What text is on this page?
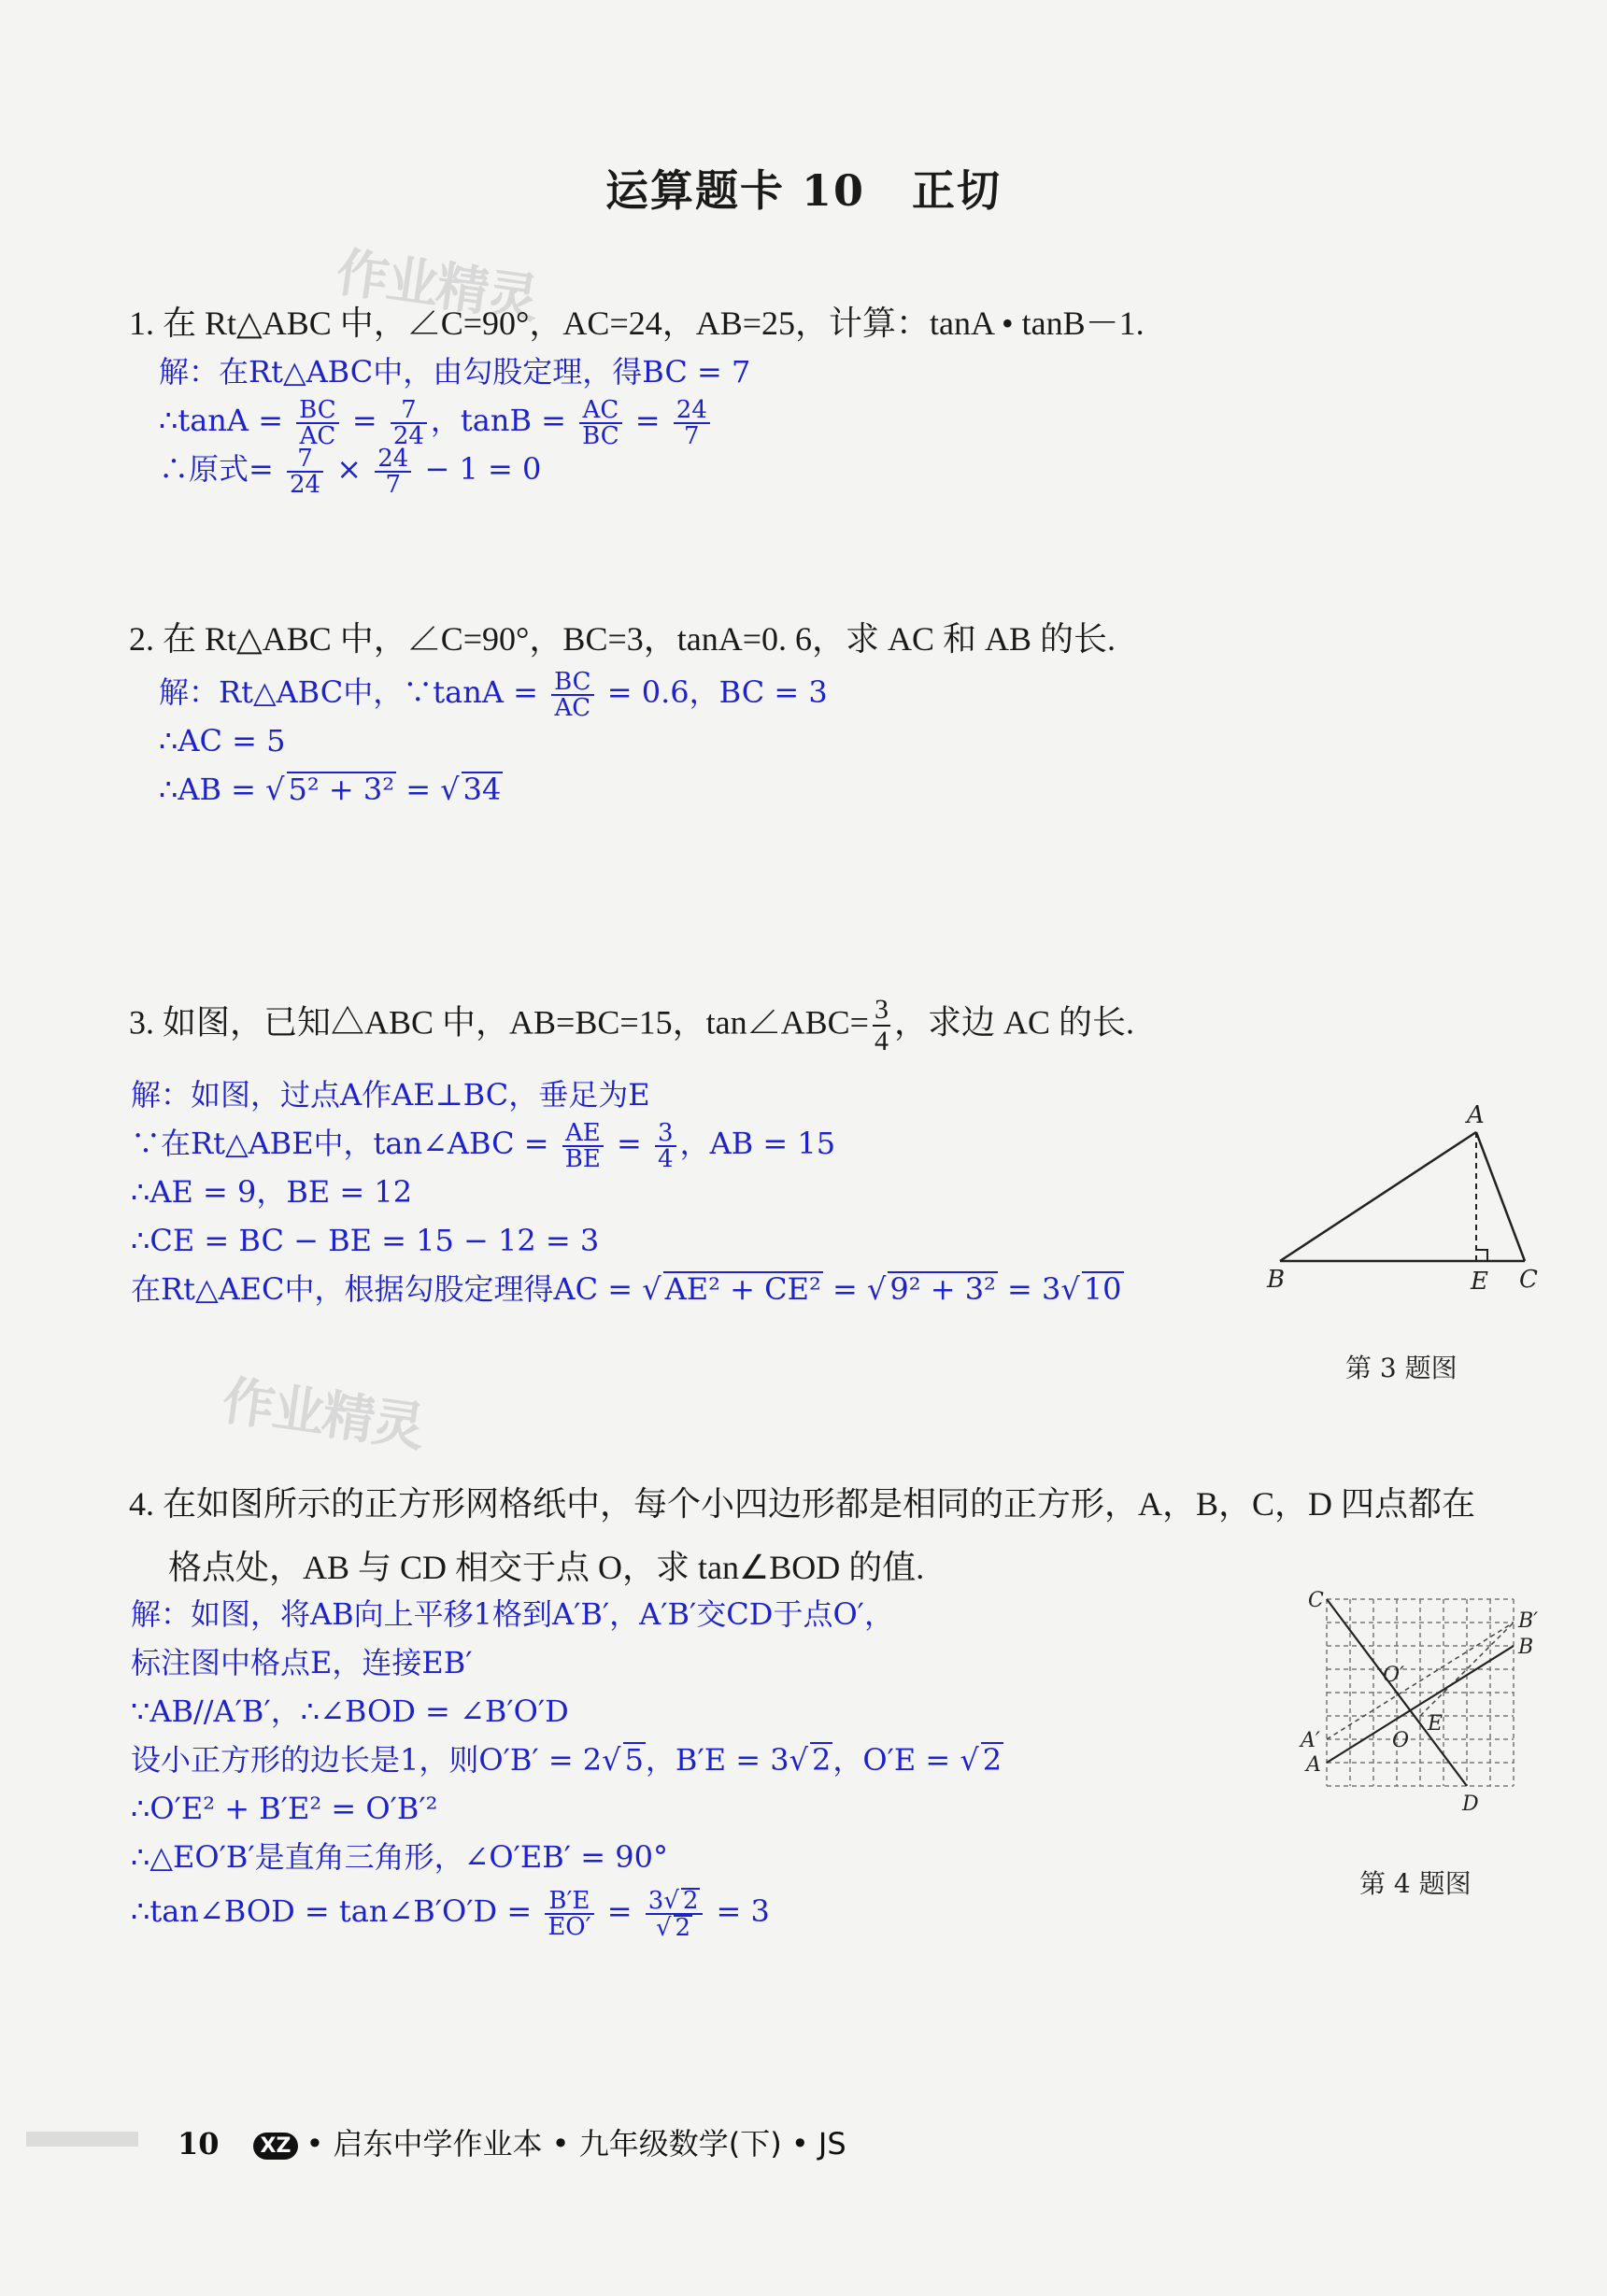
运算题卡 10 正切
作业精灵
作业精灵
1. 在 Rt△ABC 中，∠C=90°，AC=24，AB=25，计算：tanA • tanB－1.
解：在Rt△ABC中，由勾股定理，得BC = 7
∴tanA = $\frac{BC}{AC} = \frac{7}{24}$ ，$\tan B = \frac{AC}{BC} = \frac{24}{7}$
∴原式= $\frac{7}{24} \times \frac{24}{7} - 1 = 0$
2. 在 Rt△ABC 中，∠C=90°，BC=3，tanA=0. 6，求 AC 和 AB 的长.
解：Rt△ABC中，∵tanA = $\frac{BC}{AC} = 0.6$，BC = 3
∴AC = 5
∴AB = √ 5² + 3² = √ 34
3. 如图，已知△ABC 中，AB=BC=15，tan∠ABC= $\frac{3}{4}$ ，求边 AC 的长.
解：如图，过点A作AE⊥BC，垂足为E
∵在Rt△ABE中，tan∠ABC = $\frac{AE}{BE} = \frac{3}{4}$ ，AB = 15
∴AE = 9，BE = 12
∴CE = BC − BE = 15 − 12 = 3
在Rt△AEC中，根据勾股定理得AC = √ AE² + CE² = √ 9² + 3² = 3√ 10
A
B	E C
第 3 题图
4. 在如图所示的正方形网格纸中，每个小四边形都是相同的正方形，A，B，C，D 四点都在
格点处，AB 与 CD 相交于点 O，求 tan∠BOD 的值.
解：如图，将AB向上平移1格到A′B′，A′B′交CD于点O′，
标注图中格点E，连接EB′
∵AB//A′B′，∴∠BOD = ∠B′O′D
设小正方形的边长是1，则O′B′ = 2√ 5，B′E = 3√ 2，O′E = √ 2
∴O′E² + B′E² = O′B′²
∴△EO′B′是直角三角形，∠O′EB′ = 90°
∴tan∠BOD = tan∠B′O′D = $\frac{B'E}{EO'} = \frac{3√ 2}{√ 2} = 3$
C
B′
B
O′
A′
A
O
E
D
第 4 题图
10 XZ • 启东中学作业本 • 九年级数学(下) • JS
